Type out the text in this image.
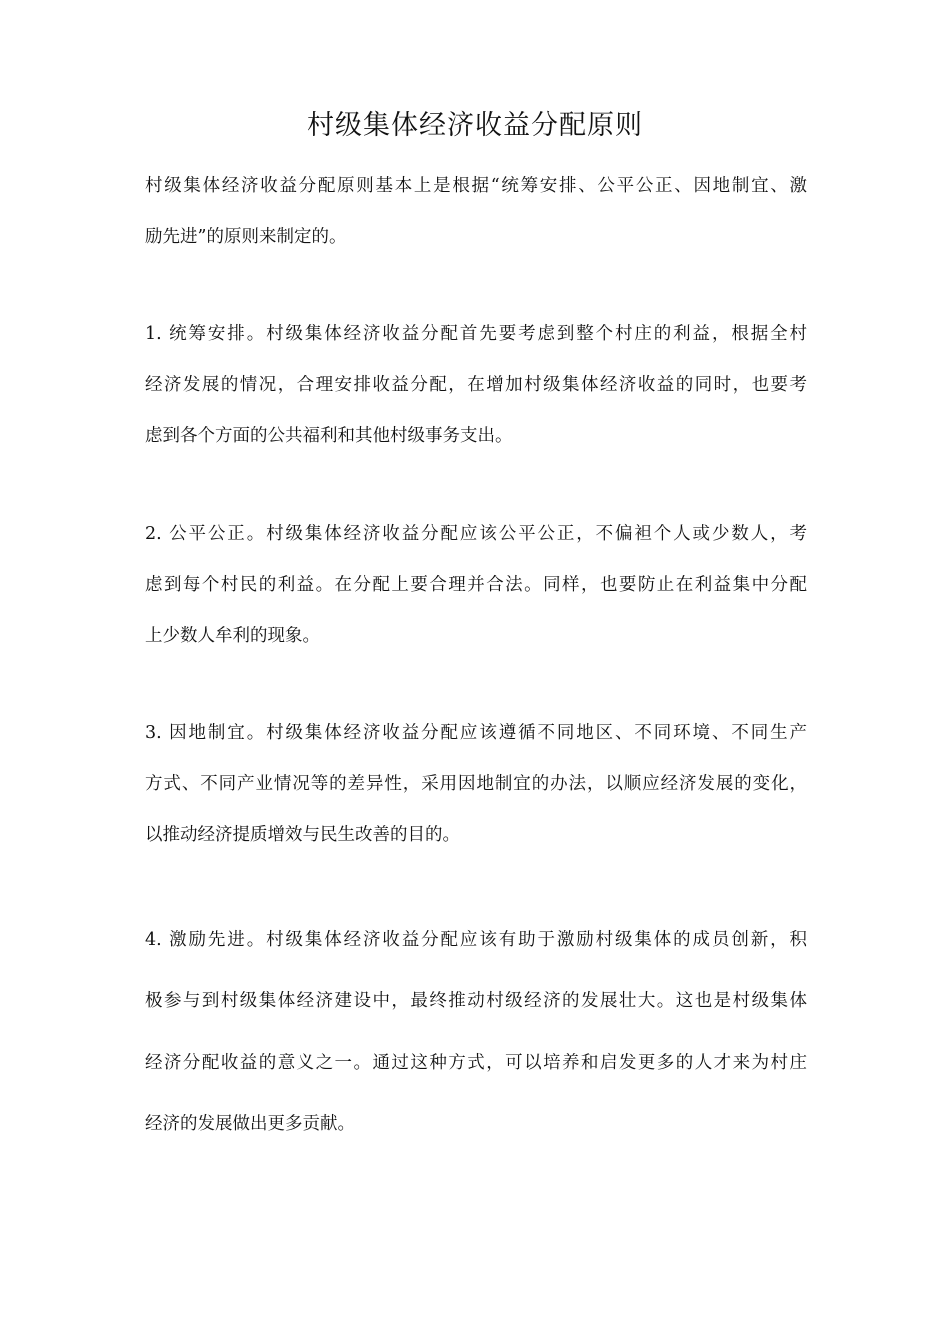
村级集体经济收益分配原则
村级集体经济收益分配原则基本上是根据“统筹安排、公平公正、因地制宜、激
励先进”的原则来制定的。
1. 统筹安排。村级集体经济收益分配首先要考虑到整个村庄的利益，根据全村
经济发展的情况，合理安排收益分配，在增加村级集体经济收益的同时，也要考
虑到各个方面的公共福利和其他村级事务支出。
2. 公平公正。村级集体经济收益分配应该公平公正，不偏袒个人或少数人，考
虑到每个村民的利益。在分配上要合理并合法。同样，也要防止在利益集中分配
上少数人牟利的现象。
3. 因地制宜。村级集体经济收益分配应该遵循不同地区、不同环境、不同生产
方式、不同产业情况等的差异性，采用因地制宜的办法，以顺应经济发展的变化，
以推动经济提质增效与民生改善的目的。
4. 激励先进。村级集体经济收益分配应该有助于激励村级集体的成员创新，积
极参与到村级集体经济建设中，最终推动村级经济的发展壮大。这也是村级集体
经济分配收益的意义之一。通过这种方式，可以培养和启发更多的人才来为村庄
经济的发展做出更多贡献。
